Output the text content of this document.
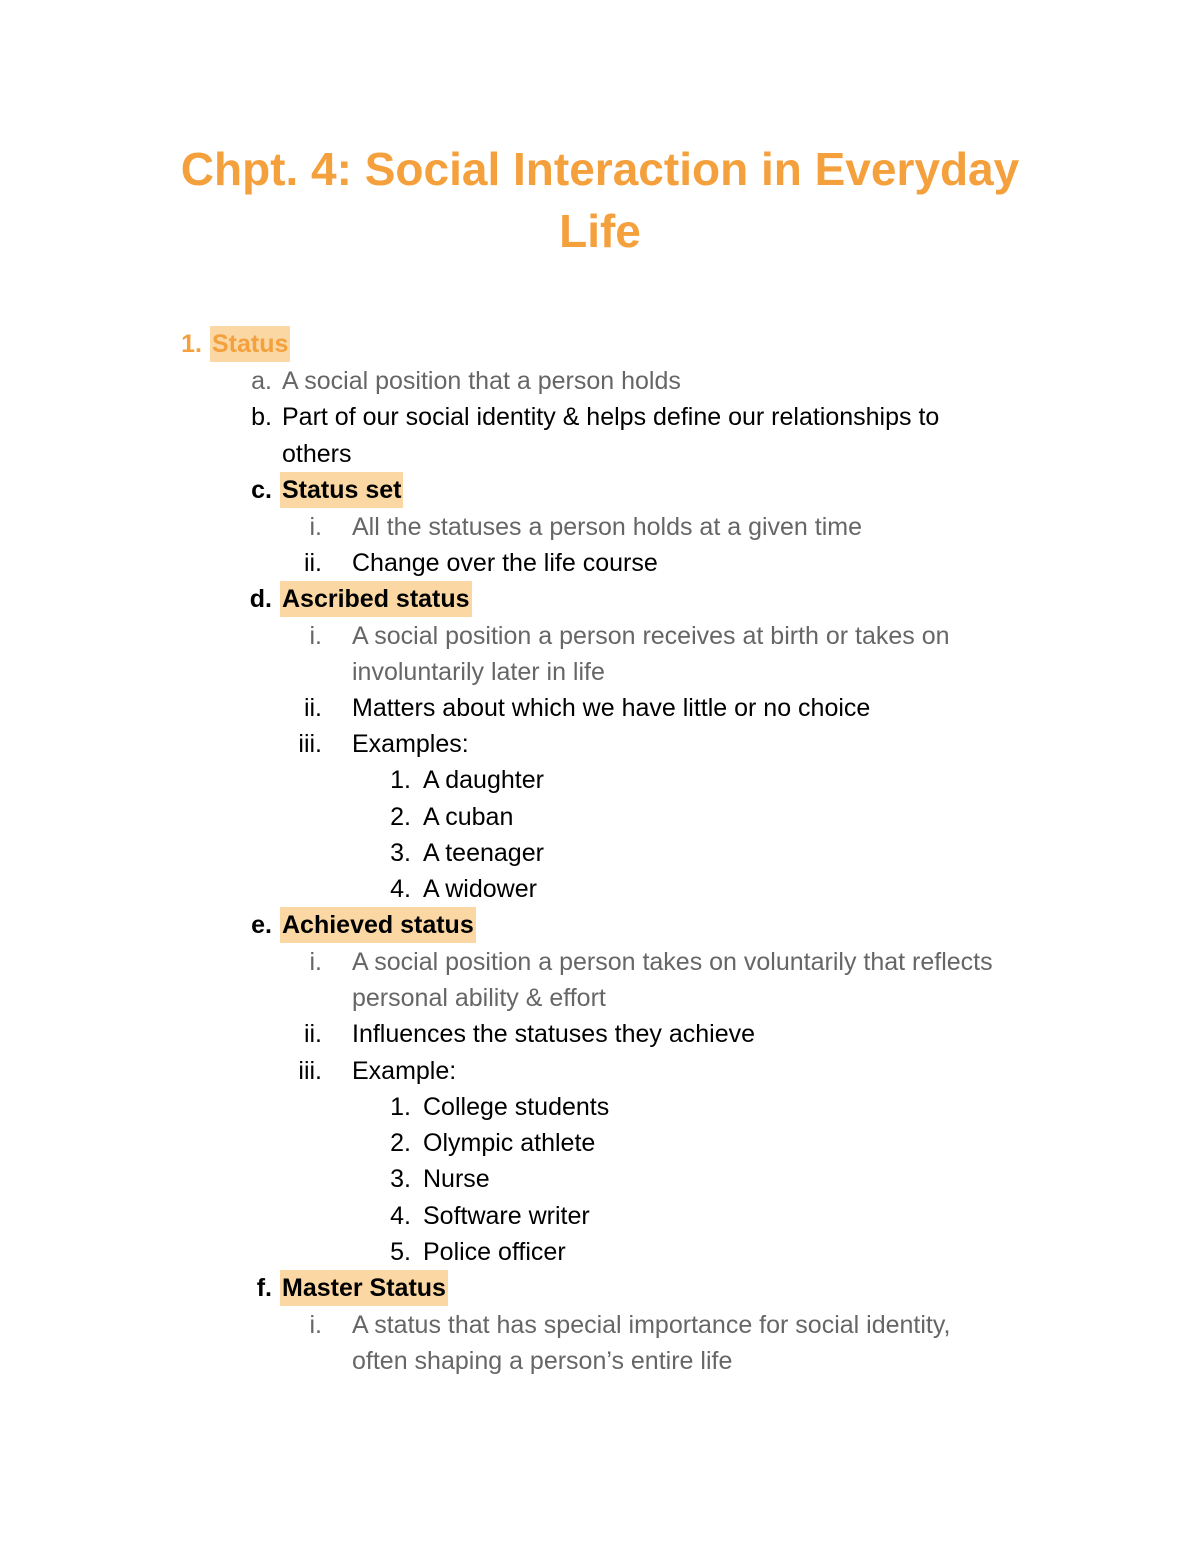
Chpt. 4: Social Interaction in Everyday Life
1. Status
a. A social position that a person holds
b. Part of our social identity & helps define our relationships to
others
c. Status set
i. All the statuses a person holds at a given time
ii. Change over the life course
d. Ascribed status
i. A social position a person receives at birth or takes on
involuntarily later in life
ii. Matters about which we have little or no choice
iii. Examples:
1. A daughter
2. A cuban
3. A teenager
4. A widower
e. Achieved status
i. A social position a person takes on voluntarily that reflects
personal ability & effort
ii. Influences the statuses they achieve
iii. Example:
1. College students
2. Olympic athlete
3. Nurse
4. Software writer
5. Police officer
f. Master Status
i. A status that has special importance for social identity,
often shaping a person’s entire life
